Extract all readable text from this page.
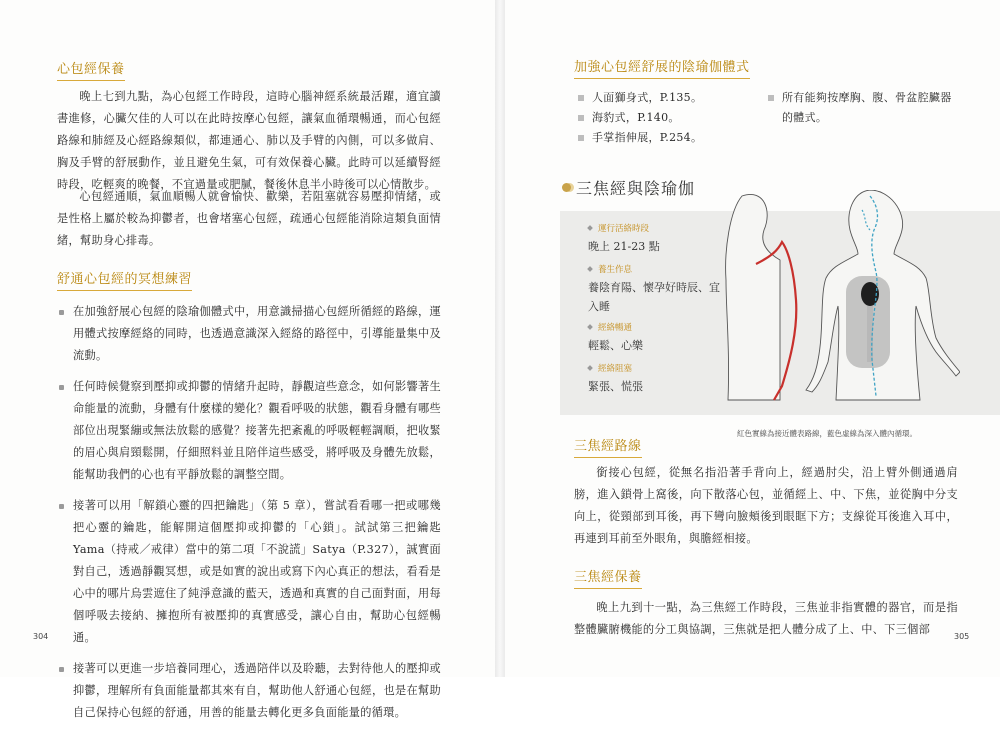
心包經保養

晚上七到九點，為心包經工作時段，這時心腦神經系統最活躍，適宜讀書進修，心臟欠佳的人可以在此時按摩心包經，讓氣血循環暢通，而心包經路線和肺經及心經路線類似，都連通心、肺以及手臂的內側，可以多做肩、胸及手臂的舒展動作，並且避免生氣，可有效保養心臟。此時可以延續腎經時段，吃輕爽的晚餐，不宜過量或肥膩，餐後休息半小時後可以心情散步。

心包經通順，氣血順暢人就會愉快、歡樂，若阻塞就容易壓抑情緒，或是性格上屬於較為抑鬱者，也會堵塞心包經，疏通心包經能消除這類負面情緒，幫助身心排毒。

舒通心包經的冥想練習
在加強舒展心包經的陰瑜伽體式中，用意識掃描心包經所循經的路線，運用體式按摩經絡的同時，也透過意識深入經絡的路徑中，引導能量集中及流動。
任何時候覺察到壓抑或抑鬱的情緒升起時，靜觀這些意念，如何影響著生命能量的流動，身體有什麼樣的變化？觀看呼吸的狀態，觀看身體有哪些部位出現緊繃或無法放鬆的感覺？接著先把紊亂的呼吸輕輕調順，把收緊的眉心與肩頸鬆開，仔細照料並且陪伴這些感受，將呼吸及身體先放鬆，能幫助我們的心也有平靜放鬆的調整空間。
接著可以用「解鎖心靈的四把鑰匙」（第 5 章），嘗試看看哪一把或哪幾把心靈的鑰匙，能解開這個壓抑或抑鬱的「心鎖」。試試第三把鑰匙 Yama（持戒／戒律）當中的第二項「不說謊」Satya（P.327），誠實面對自己，透過靜觀冥想，或是如實的說出或寫下內心真正的想法，看看是心中的哪片烏雲遮住了純淨意識的藍天，透過和真實的自己面對面，用每個呼吸去接納、擁抱所有被壓抑的真實感受，讓心自由，幫助心包經暢通。
接著可以更進一步培養同理心，透過陪伴以及聆聽，去對待他人的壓抑或抑鬱，理解所有負面能量都其來有自，幫助他人舒通心包經，也是在幫助自己保持心包經的舒通，用善的能量去轉化更多負面能量的循環。
304
加強心包經舒展的陰瑜伽體式
人面獅身式，P.135。
海豹式，P.140。
手掌指伸展，P.254。
所有能夠按摩胸、腹、骨盆腔臟器的體式。
三焦經與陰瑜伽
運行活絡時段
晚上 21-23 點
養生作息
養陰育陽、懷孕好時辰、宜入睡
經絡暢通
輕鬆、心樂
經絡阻塞
緊張、慌張
紅色實線為接近體表路線，藍色虛線為深入體內循環。
三焦經路線

銜接心包經，從無名指沿著手背向上，經過肘尖，沿上臂外側通過肩膀，進入鎖骨上窩後，向下散落心包，並循經上、中、下焦，並從胸中分支向上，從頸部到耳後，再下彎向臉頰後到眼眶下方；支線從耳後進入耳中，再連到耳前至外眼角，與膽經相接。

三焦經保養

晚上九到十一點，為三焦經工作時段，三焦並非指實體的器官，而是指整體臟腑機能的分工與協調，三焦就是把人體分成了上、中、下三個部

305
